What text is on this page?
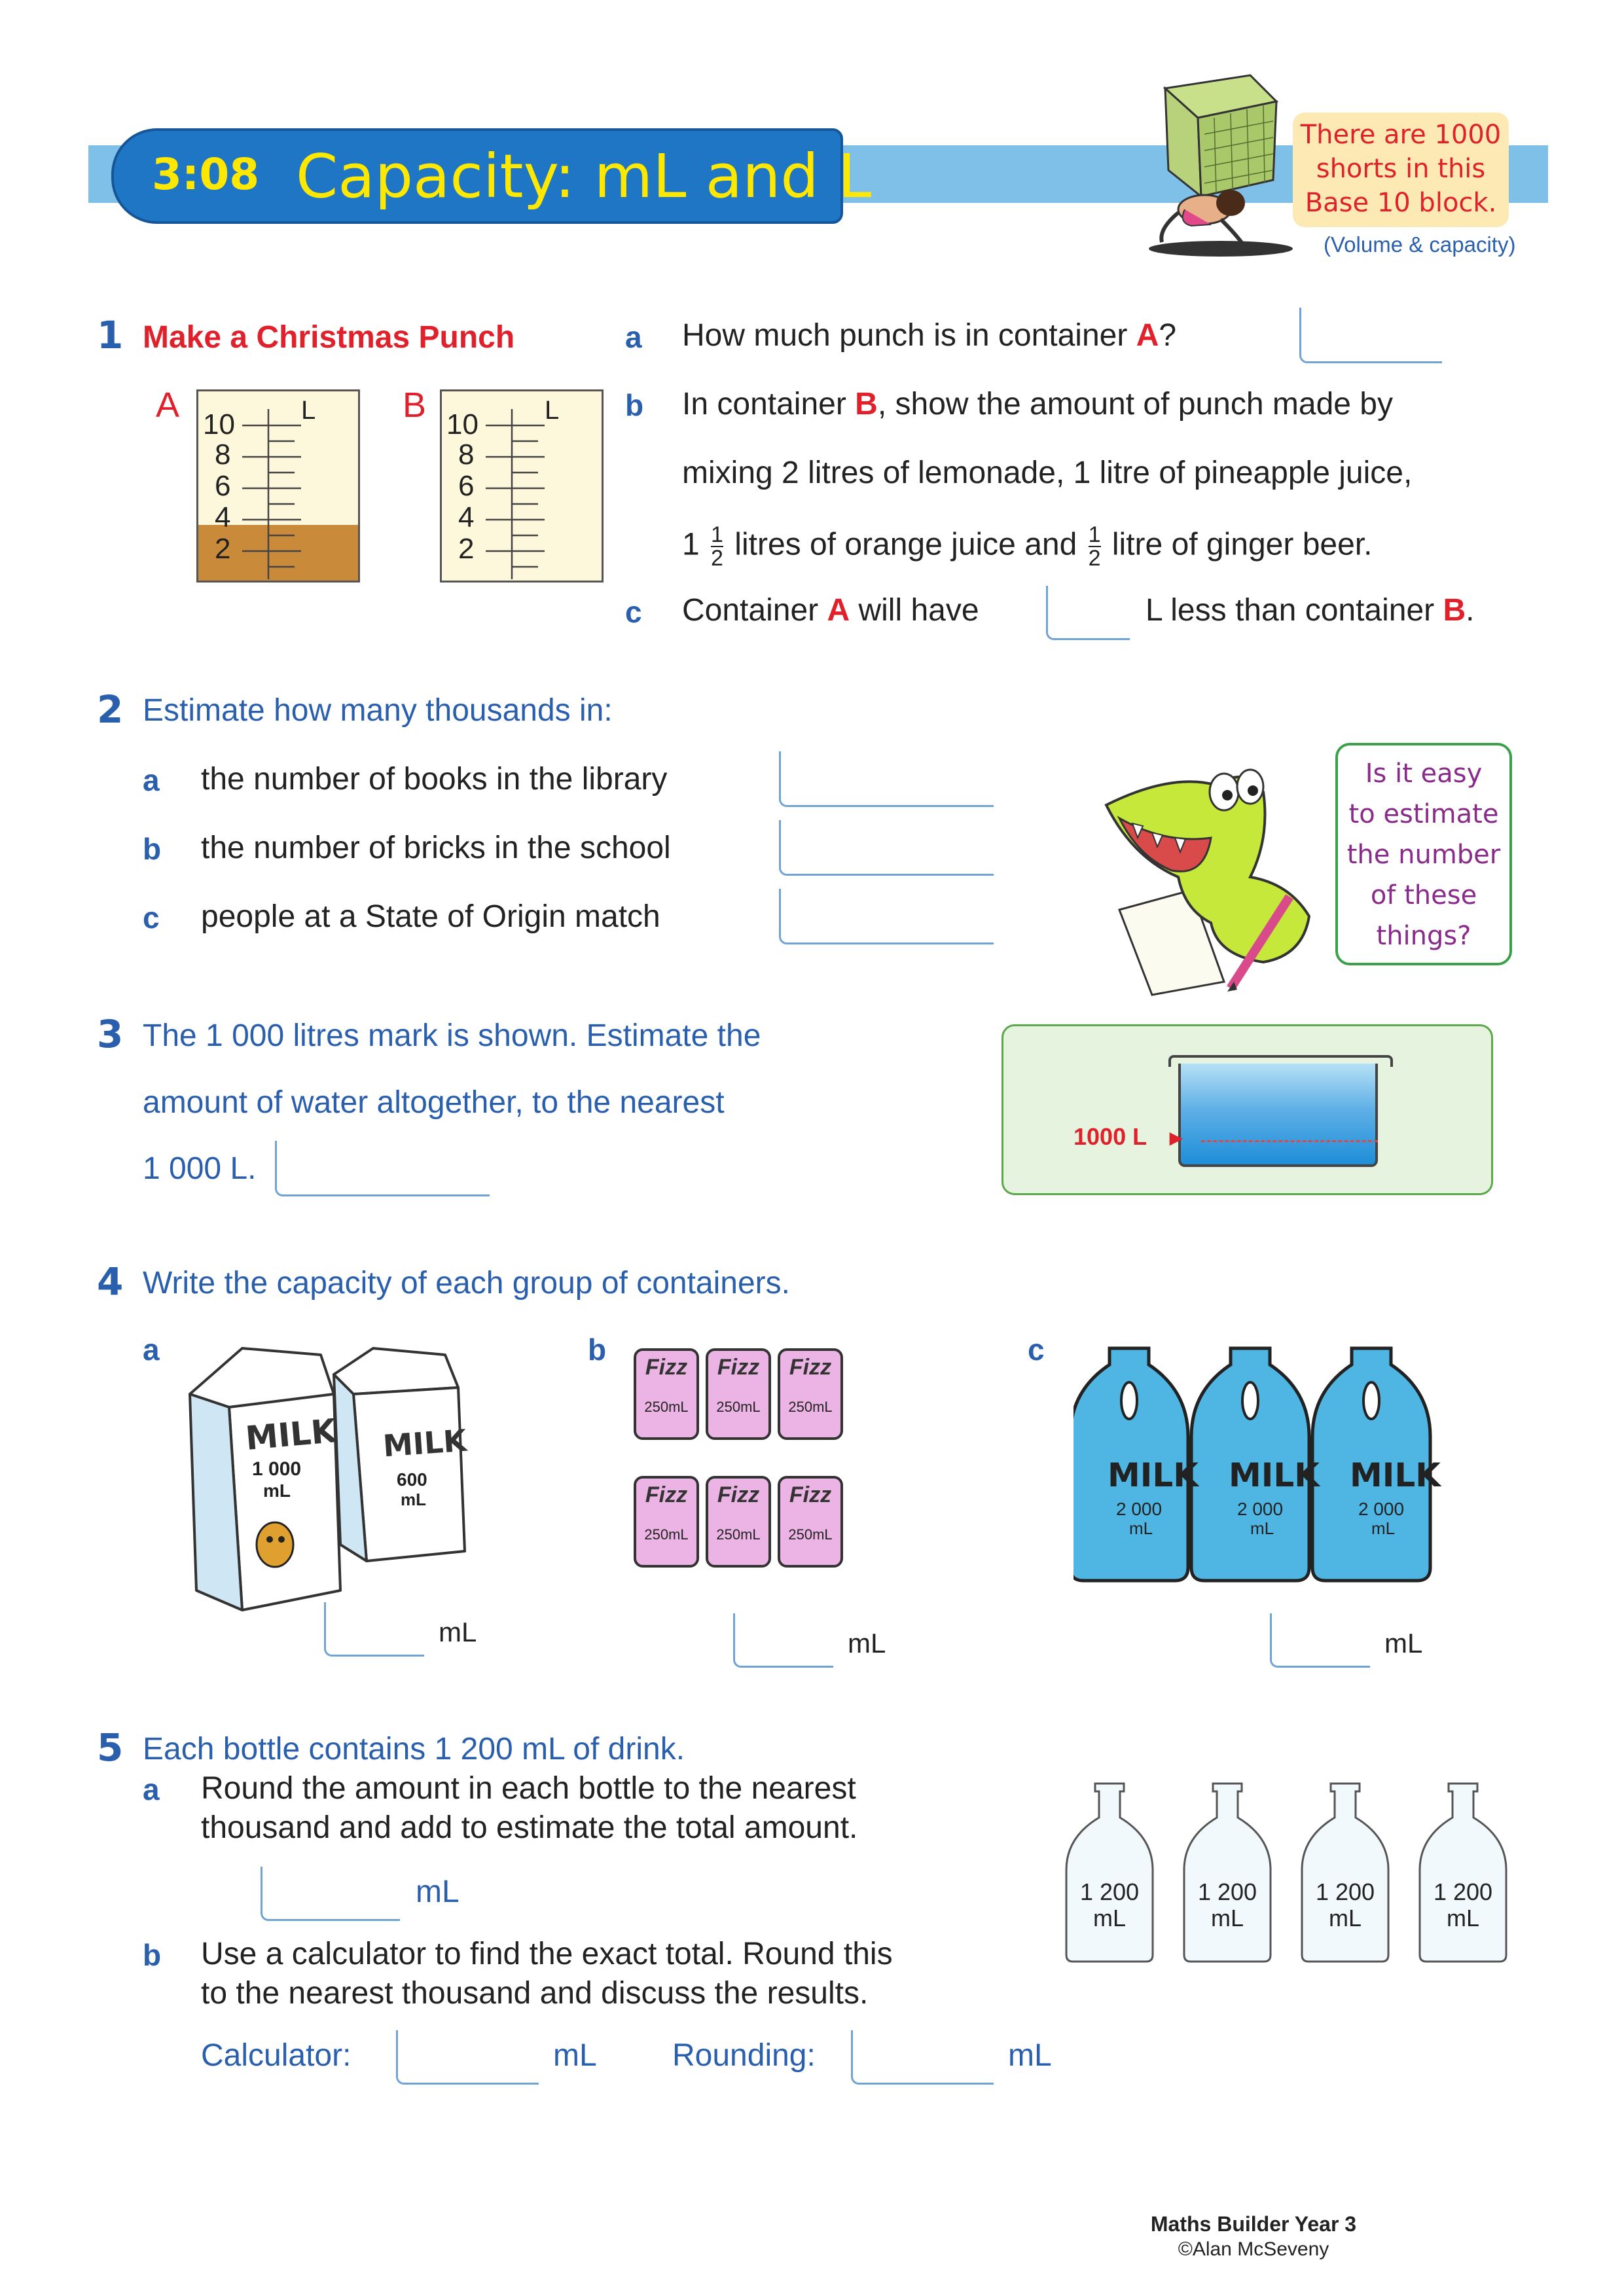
3:08 Capacity: mL and L
There are 1000
shorts in this
Base 10 block.
(Volume & capacity)
1 Make a Christmas Punch
A	B
10
8
6
4
2
L	10
8
6
4
2
L
a How much punch is in container A?
b In container B, show the amount of punch made by
mixing 2 litres of lemonade, 1 litre of pineapple juice,
$1 \frac{1}{2}$ litres of orange juice and $\frac{1}{2}$ litre of ginger beer.
c Container A will have	L less than container B.
2 Estimate how many thousands in:
a the number of books in the library
b the number of bricks in the school
c people at a State of Origin match
Is it easy
to estimate
the number
of these
things?
3 The 1 000 litres mark is shown. Estimate the
amount of water altogether, to the nearest
1 000 L.
1000 L ►
4 Write the capacity of each group of containers.
a	b	c
MILK
1 000
mL
MILK
600
mL
mL
Fizz
250mL
Fizz
250mL
Fizz
250mL
Fizz
250mL
Fizz
250mL
Fizz
250mL
mL
MILK
2 000
mL
MILK
2 000
mL
MILK
2 000
mL
mL
5 Each bottle contains 1 200 mL of drink.
a Round the amount in each bottle to the nearest
thousand and add to estimate the total amount.
mL
b Use a calculator to find the exact total. Round this
to the nearest thousand and discuss the results.
Calculator:	mL Rounding:	mL
1 200
mL
1 200
mL
1 200
mL
1 200
mL
Maths Builder Year 3
©Alan McSeveny
